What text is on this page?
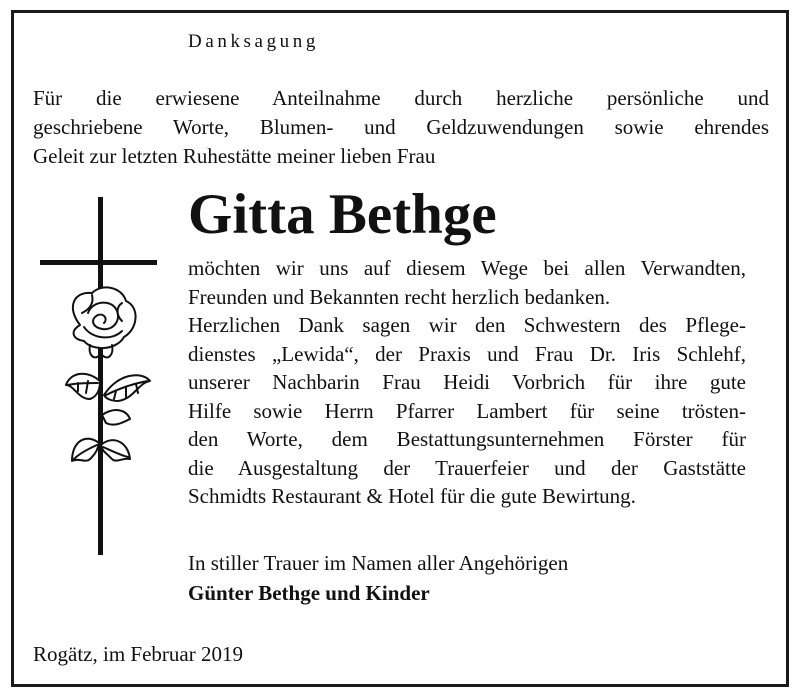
Danksagung
Für die erwiesene Anteilnahme durch herzliche persönliche und
geschriebene Worte, Blumen- und Geldzuwendungen sowie ehrendes
Geleit zur letzten Ruhestätte meiner lieben Frau
Gitta Bethge
möchten wir uns auf diesem Wege bei allen Verwandten,
Freunden und Bekannten recht herzlich bedanken.
Herzlichen Dank sagen wir den Schwestern des Pflege-
dienstes „Lewida“, der Praxis und Frau Dr. Iris Schlehf,
unserer Nachbarin Frau Heidi Vorbrich für ihre gute
Hilfe sowie Herrn Pfarrer Lambert für seine trösten-
den Worte, dem Bestattungsunternehmen Förster für
die Ausgestaltung der Trauerfeier und der Gaststätte
Schmidts Restaurant & Hotel für die gute Bewirtung.
In stiller Trauer im Namen aller Angehörigen
Günter Bethge und Kinder
Rogätz, im Februar 2019
